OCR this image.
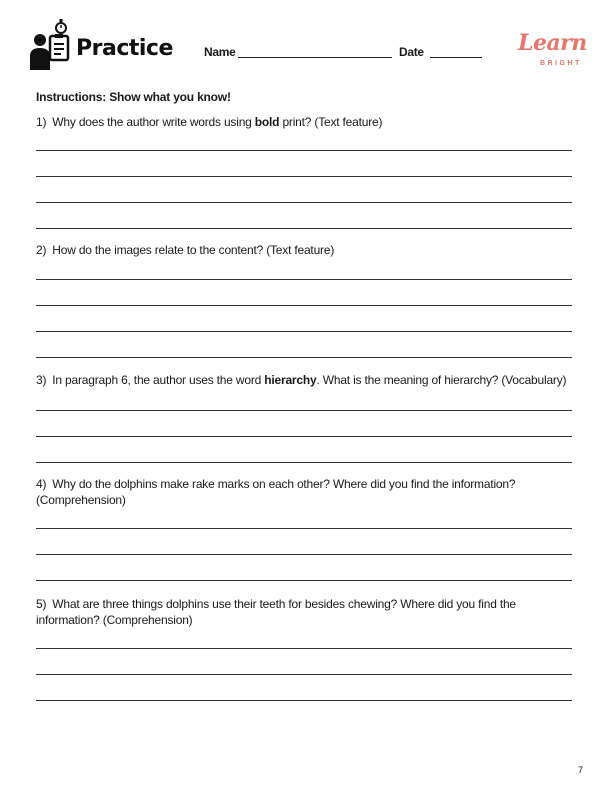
Practice	Name	Date	Learn
BRIGHT
Instructions: Show what you know!
1) Why does the author write words using bold print? (Text feature)
2) How do the images relate to the content? (Text feature)
3) In paragraph 6, the author uses the word hierarchy. What is the meaning of hierarchy? (Vocabulary)
4) Why do the dolphins make rake marks on each other? Where did you find the information? (Comprehension)
5) What are three things dolphins use their teeth for besides chewing? Where did you find the information? (Comprehension)
7
